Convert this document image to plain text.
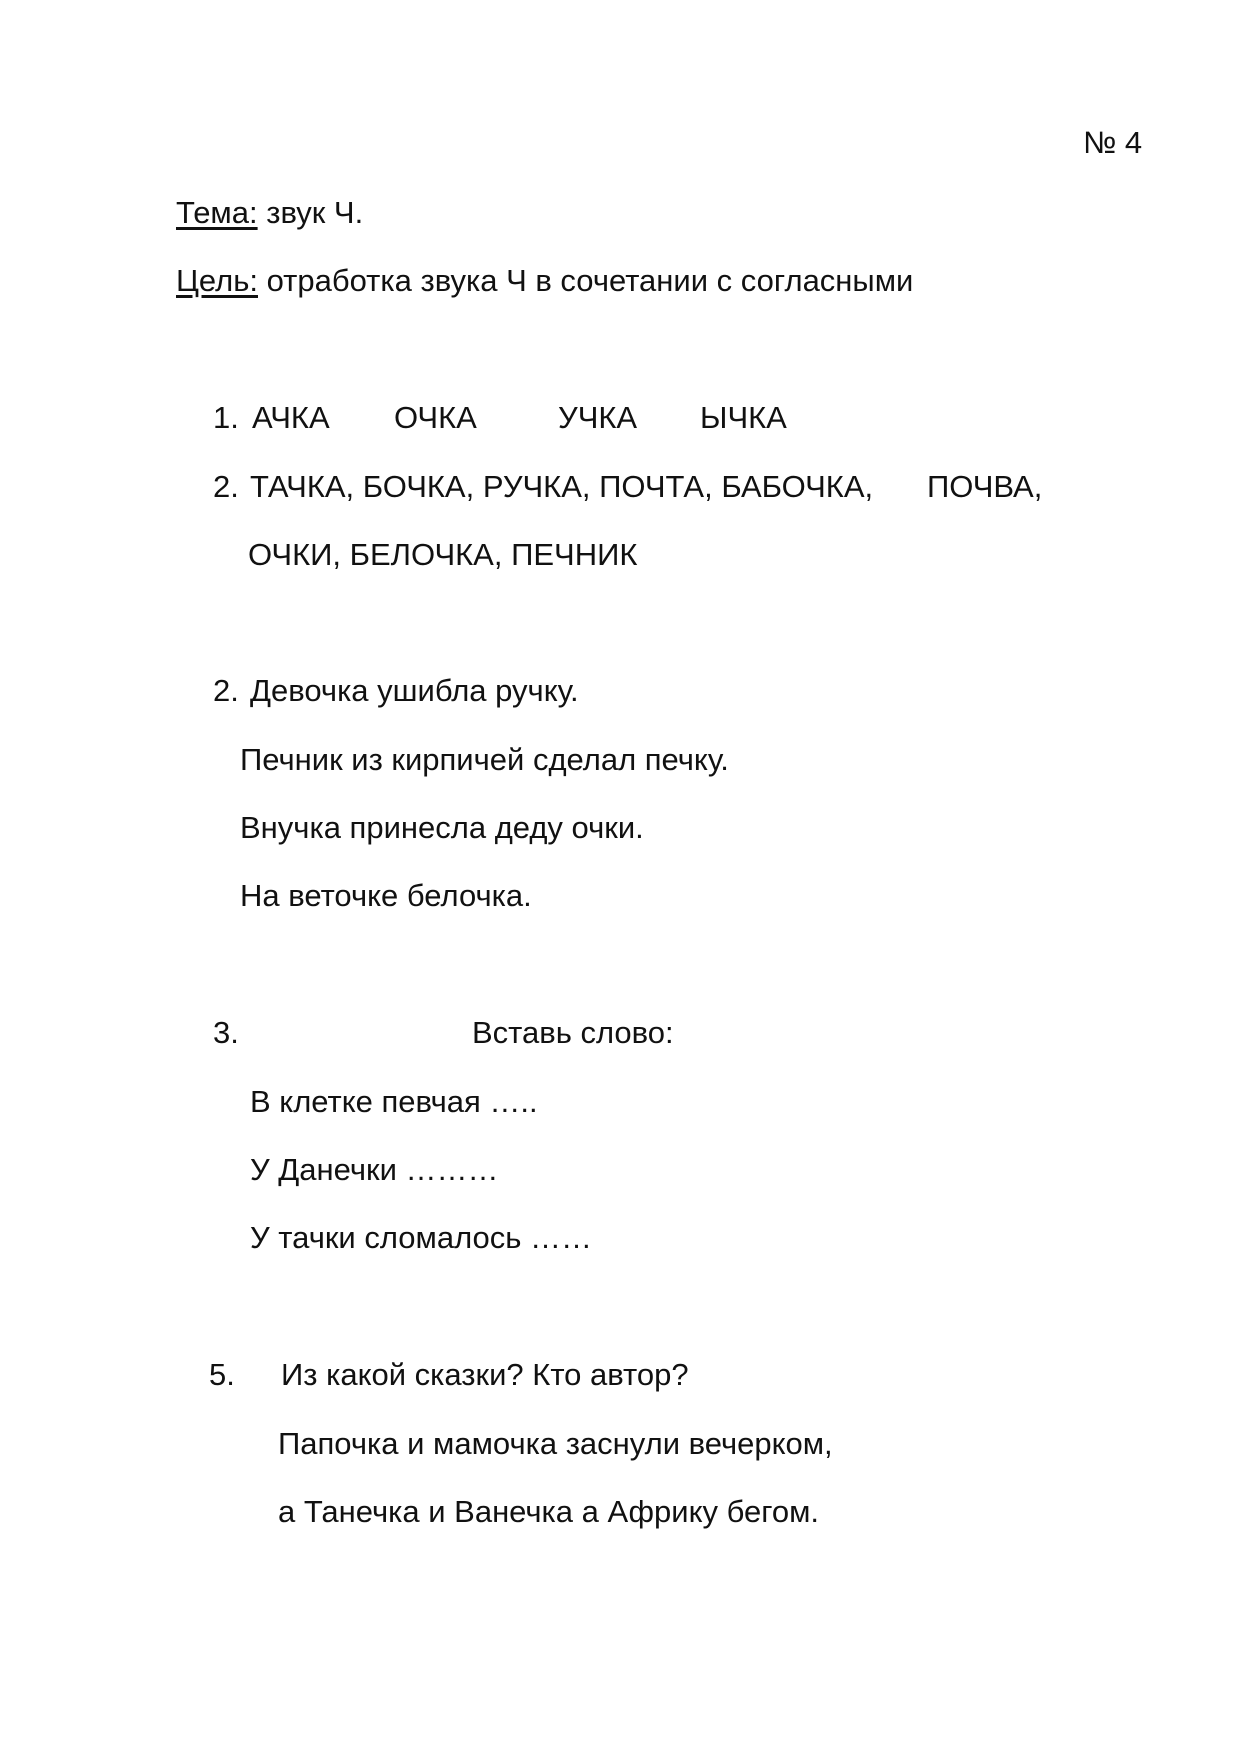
№ 4
Тема: звук Ч.
Цель: отработка звука Ч в сочетании с согласными
1. АЧКА ОЧКА	УЧКА ЫЧКА
2. ТАЧКА, БОЧКА, РУЧКА, ПОЧТА, БАБОЧКА, ПОЧВА,
ОЧКИ, БЕЛОЧКА, ПЕЧНИК
2. Девочка ушибла ручку.
Печник из кирпичей сделал печку.
Внучка принесла деду очки.
На веточке белочка.
3.	Вставь слово:
В клетке певчая …..
У Данечки ………
У тачки сломалось ……
5. Из какой сказки? Кто автор?
Папочка и мамочка заснули вечерком,
а Танечка и Ванечка а Африку бегом.
